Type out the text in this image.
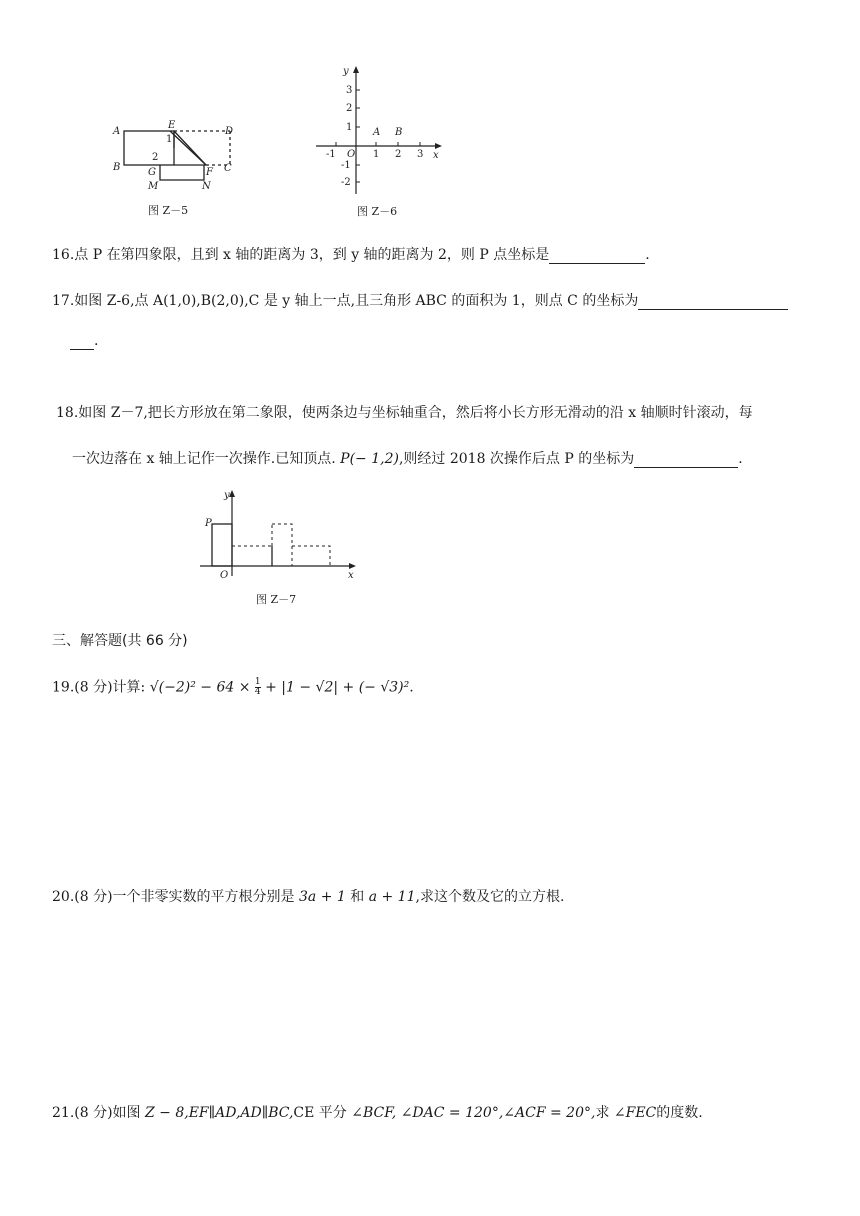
A
B
E
D
C
G
M	N
F
1
2
图 Z－5
y
x
3
2
1
-1
-2
-1 O 1 2 3
A B
图 Z－6
16.点 P 在第四象限，且到 x 轴的距离为 3，到 y 轴的距离为 2，则 P 点坐标是	.
17.如图 Z-6,点 A(1,0),B(2,0),C 是 y 轴上一点,且三角形 ABC 的面积为 1，则点 C 的坐标为
.
18.如图 Z－7,把长方形放在第二象限，使两条边与坐标轴重合，然后将小长方形无滑动的沿 x 轴顺时针滚动，每
一次边落在 x 轴上记作一次操作.已知顶点. P(− 1,2),则经过 2018 次操作后点 P 的坐标为	.
y
x
O
P
图 Z－7
三、解答题(共 66 分)
19.(8 分)计算: $√(-2)^2 - 64 \times \frac{1}{4} + |1 - √2|$ + (− √3)².
20.(8 分)一个非零实数的平方根分别是 3a + 1 和 a + 11,求这个数及它的立方根.
21.(8 分)如图 Z − 8,EF∥AD,AD∥BC,CE 平分 ∠BCF, ∠DAC = 120°,∠ACF = 20°,求 ∠FEC的度数.
